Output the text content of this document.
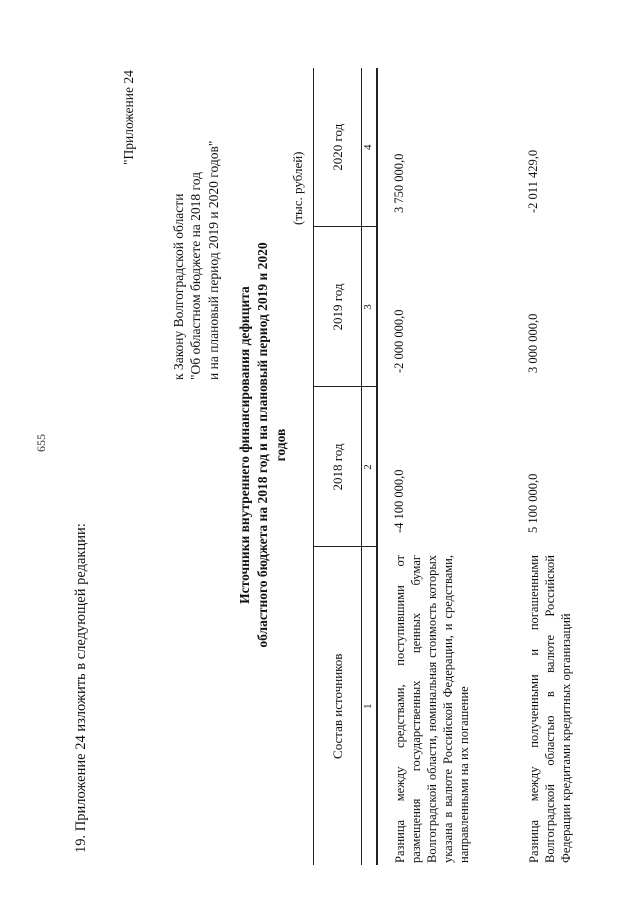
655
19. Приложение 24 изложить в следующей редакции:
"Приложение 24
к Закону Волгоградской области "Об областном бюджете на 2018 год и на плановый период 2019 и 2020 годов"
Источники внутреннего финансирования дефицита областного бюджета на 2018 год и на плановый период 2019 и 2020 годов
(тыс. рублей)
Состав источников	2018 год	2019 год	2020 год
1	2	3	4
Разница между средствами, поступившими от размещения государственных ценных бумаг Волгоградской области, номинальная стоимость которых указана в валюте Российской Федерации, и средствами, направленными на их погашение	-4 100 000,0	-2 000 000,0	3 750 000,0
Разница между полученными и погашенными Волгоградской областью в валюте Российской Федерации кредитами кредитных организаций	5 100 000,0	3 000 000,0	-2 011 429,0
